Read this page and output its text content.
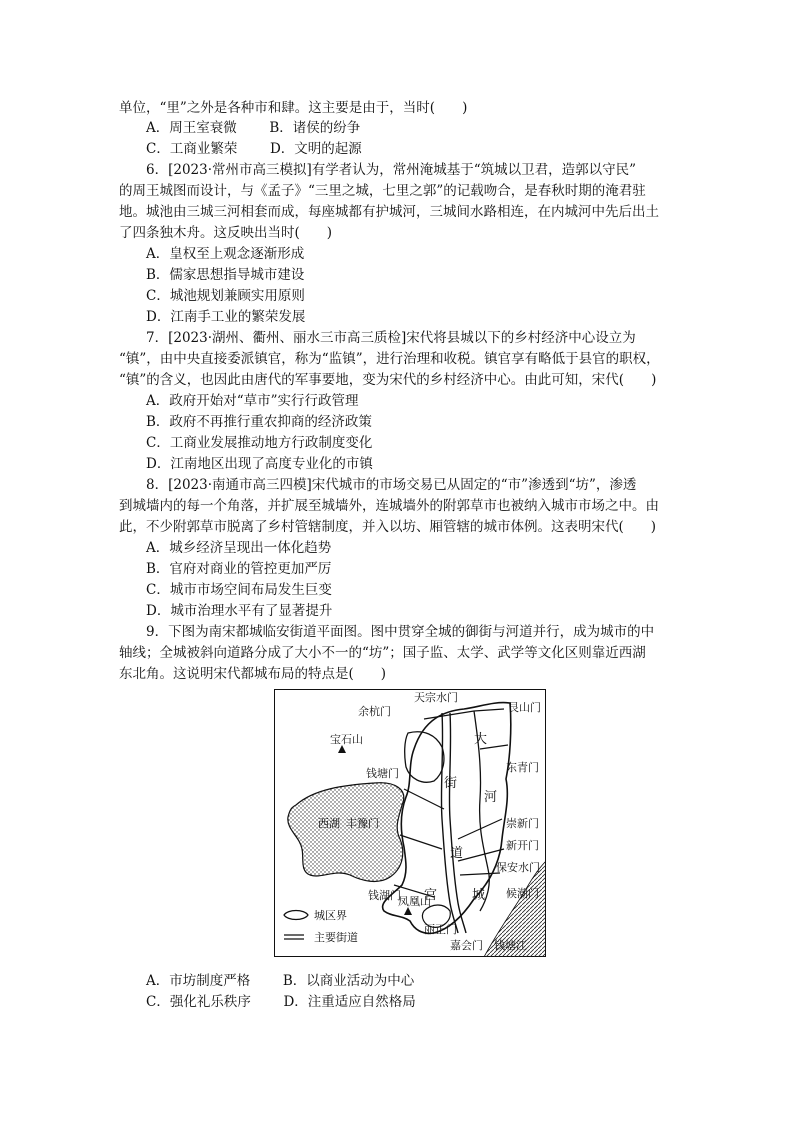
单位，“里”之外是各种市和肆。这主要是由于，当时(　　)
A．周王室衰微 B．诸侯的纷争
C．工商业繁荣 D．文明的起源
6．[2023·常州市高三模拟]有学者认为，常州淹城基于“筑城以卫君，造郭以守民”
的周王城图而设计，与《孟子》“三里之城，七里之郭”的记载吻合，是春秋时期的淹君驻
地。城池由三城三河相套而成，每座城都有护城河，三城间水路相连，在内城河中先后出土
了四条独木舟。这反映出当时(　　)
A．皇权至上观念逐渐形成
B．儒家思想指导城市建设
C．城池规划兼顾实用原则
D．江南手工业的繁荣发展
7．[2023·湖州、衢州、丽水三市高三质检]宋代将县城以下的乡村经济中心设立为
“镇”，由中央直接委派镇官，称为“监镇”，进行治理和收税。镇官享有略低于县官的职权，
“镇”的含义，也因此由唐代的军事要地，变为宋代的乡村经济中心。由此可知，宋代(　　)
A．政府开始对“草市”实行行政管理
B．政府不再推行重农抑商的经济政策
C．工商业发展推动地方行政制度变化
D．江南地区出现了高度专业化的市镇
8．[2023·南通市高三四模]宋代城市的市场交易已从固定的“市”渗透到“坊”，渗透
到城墙内的每一个角落，并扩展至城墙外，连城墙外的附郭草市也被纳入城市市场之中。由
此，不少附郭草市脱离了乡村管辖制度，并入以坊、厢管辖的城市体例。这表明宋代(　　)
A．城乡经济呈现出一体化趋势
B．官府对商业的管控更加严厉
C．城市市场空间布局发生巨变
D．城市治理水平有了显著提升
9．下图为南宋都城临安街道平面图。图中贯穿全城的御街与河道并行，成为城市的中
轴线；全城被斜向道路分成了大小不一的“坊”；国子监、太学、武学等文化区则靠近西湖
东北角。这说明宋代都城布局的特点是(　　)
天宗水门
余杭门	艮山门
大
宝石山
东青门
钱塘门
街
河
西湖 丰豫门	崇新门
新开门
道
保安水门
钱湖门	候潮门
凤凰山
宫	城
丽正门
嘉会门 钱塘江
城区界
主要街道
A．市坊制度严格 B．以商业活动为中心
C．强化礼乐秩序 D．注重适应自然格局
